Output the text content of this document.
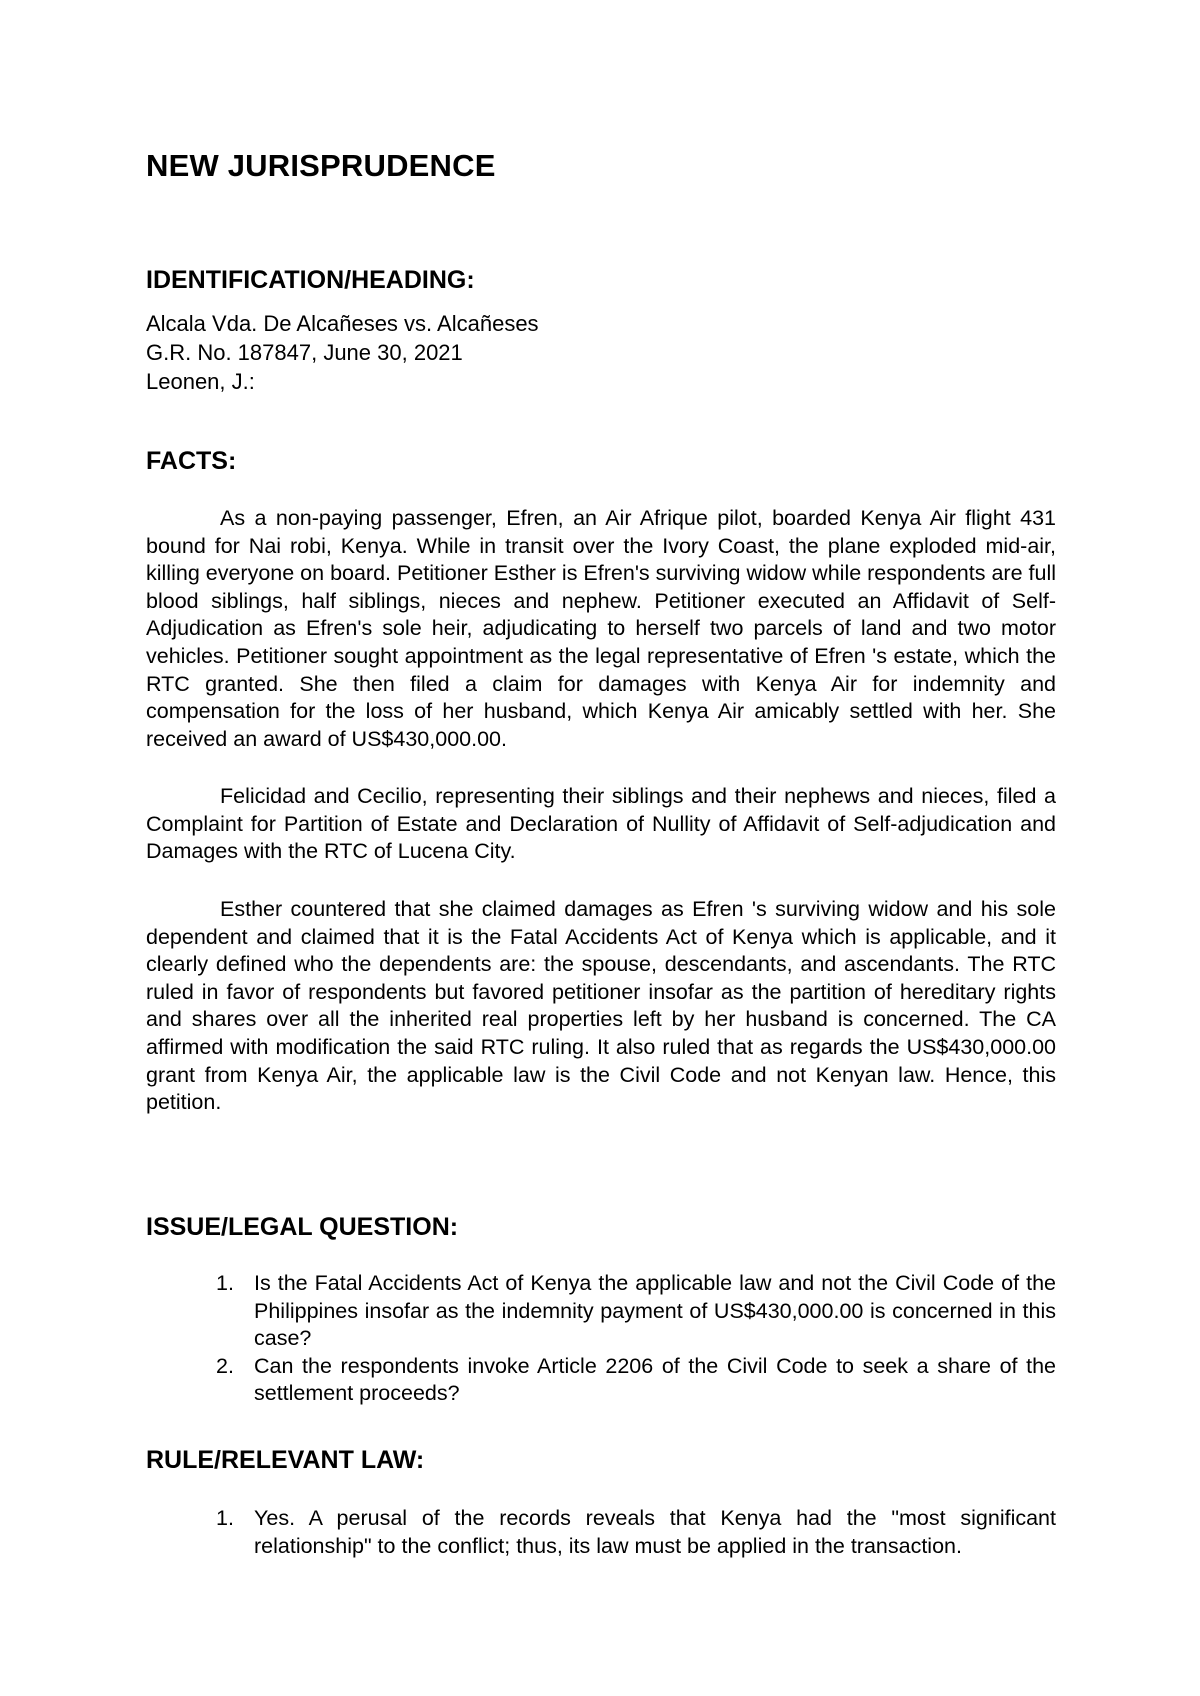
NEW JURISPRUDENCE
IDENTIFICATION/HEADING:
Alcala Vda. De Alcañeses vs. Alcañeses
G.R. No. 187847, June 30, 2021
Leonen, J.:
FACTS:

As a non-paying passenger, Efren, an Air Afrique pilot, boarded Kenya Air flight 431 bound for Nai robi, Kenya. While in transit over the Ivory Coast, the plane exploded mid-air, killing everyone on board. Petitioner Esther is Efren's surviving widow while respondents are full blood siblings, half siblings, nieces and nephew. Petitioner executed an Affidavit of Self-Adjudication as Efren's sole heir, adjudicating to herself two parcels of land and two motor vehicles. Petitioner sought appointment as the legal representative of Efren 's estate, which the RTC granted. She then filed a claim for damages with Kenya Air for indemnity and compensation for the loss of her husband, which Kenya Air amicably settled with her. She received an award of US$430,000.00.

Felicidad and Cecilio, representing their siblings and their nephews and nieces, filed a Complaint for Partition of Estate and Declaration of Nullity of Affidavit of Self-adjudication and Damages with the RTC of Lucena City.

Esther countered that she claimed damages as Efren 's surviving widow and his sole dependent and claimed that it is the Fatal Accidents Act of Kenya which is applicable, and it clearly defined who the dependents are: the spouse, descendants, and ascendants. The RTC ruled in favor of respondents but favored petitioner insofar as the partition of hereditary rights and shares over all the inherited real properties left by her husband is concerned. The CA affirmed with modification the said RTC ruling. It also ruled that as regards the US$430,000.00 grant from Kenya Air, the applicable law is the Civil Code and not Kenyan law. Hence, this petition.

ISSUE/LEGAL QUESTION:
1. Is the Fatal Accidents Act of Kenya the applicable law and not the Civil Code of the Philippines insofar as the indemnity payment of US$430,000.00 is concerned in this case?
2. Can the respondents invoke Article 2206 of the Civil Code to seek a share of the settlement proceeds?
RULE/RELEVANT LAW:
1. Yes. A perusal of the records reveals that Kenya had the "most significant relationship" to the conflict; thus, its law must be applied in the transaction.
